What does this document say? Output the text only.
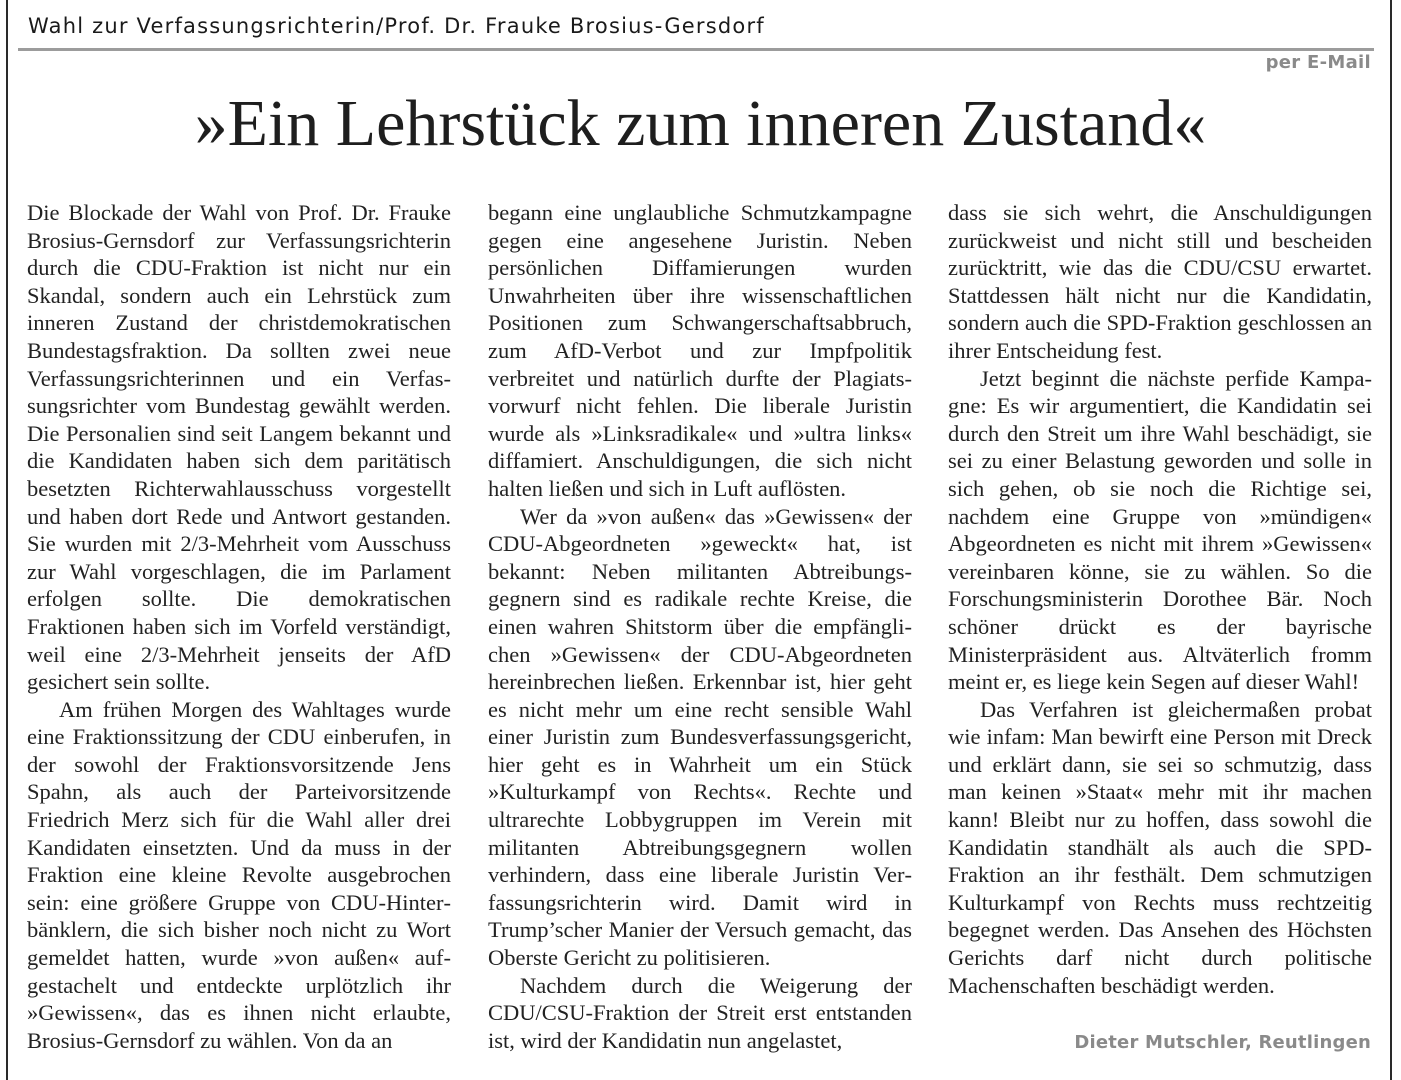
Wahl zur Verfassungsrichterin/Prof. Dr. Frauke Brosius-Gersdorf
per E-Mail
»Ein Lehrstück zum inneren Zustand«

Die Blockade der Wahl von Prof. Dr. Frauke Brosius-Gernsdorf zur Verfassungsrichterin durch die CDU-Fraktion ist nicht nur ein Skandal, sondern auch ein Lehrstück zum inneren Zustand der christdemokratischen Bundestagsfraktion. Da sollten zwei neue Verfassungsrichterinnen und ein Verfassungsrichter vom Bundestag gewählt werden. Die Personalien sind seit Langem bekannt und die Kandidaten haben sich dem paritätisch besetzten Richterwahlausschuss vorgestellt und haben dort Rede und Antwort gestanden. Sie wurden mit 2/3-Mehrheit vom Ausschuss zur Wahl vorgeschlagen, die im Parlament erfolgen sollte. Die demokratischen Fraktionen haben sich im Vorfeld verständigt, weil eine 2/3-Mehrheit jenseits der AfD gesichert sein sollte.

Am frühen Morgen des Wahltages wurde eine Fraktionssitzung der CDU einberufen, in der sowohl der Fraktionsvorsitzende Jens Spahn, als auch der Parteivorsitzende Friedrich Merz sich für die Wahl aller drei Kandidaten einsetzten. Und da muss in der Fraktion eine kleine Revolte ausgebrochen sein: eine größere Gruppe von CDU-Hinterbänklern, die sich bisher noch nicht zu Wort gemeldet hatten, wurde »von außen« aufgestachelt und entdeckte urplötzlich ihr »Gewissen«, das es ihnen nicht erlaubte, Brosius-Gernsdorf zu wählen. Von da an

begann eine unglaubliche Schmutzkampagne gegen eine angesehene Juristin. Neben persönlichen Diffamierungen wurden Unwahrheiten über ihre wissenschaftlichen Positionen zum Schwangerschaftsabbruch, zum AfD-Verbot und zur Impfpolitik verbreitet und natürlich durfte der Plagiatsvorwurf nicht fehlen. Die liberale Juristin wurde als »Linksradikale« und »ultra links« diffamiert. Anschuldigungen, die sich nicht halten ließen und sich in Luft auflösten.

Wer da »von außen« das »Gewissen« der CDU-Abgeordneten »geweckt« hat, ist bekannt: Neben militanten Abtreibungsgegnern sind es radikale rechte Kreise, die einen wahren Shitstorm über die empfänglichen »Gewissen« der CDU-Abgeordneten hereinbrechen ließen. Erkennbar ist, hier geht es nicht mehr um eine recht sensible Wahl einer Juristin zum Bundesverfassungsgericht, hier geht es in Wahrheit um ein Stück »Kulturkampf von Rechts«. Rechte und ultrarechte Lobbygruppen im Verein mit militanten Abtreibungsgegnern wollen verhindern, dass eine liberale Juristin Verfassungsrichterin wird. Damit wird in Trump’scher Manier der Versuch gemacht, das Oberste Gericht zu politisieren.

Nachdem durch die Weigerung der CDU/CSU-Fraktion der Streit erst entstanden ist, wird der Kandidatin nun angelastet,

dass sie sich wehrt, die Anschuldigungen zurückweist und nicht still und bescheiden zurücktritt, wie das die CDU/CSU erwartet. Stattdessen hält nicht nur die Kandidatin, sondern auch die SPD-Fraktion geschlossen an ihrer Entscheidung fest.

Jetzt beginnt die nächste perfide Kampagne: Es wir argumentiert, die Kandidatin sei durch den Streit um ihre Wahl beschädigt, sie sei zu einer Belastung geworden und solle in sich gehen, ob sie noch die Richtige sei, nachdem eine Gruppe von »mündigen« Abgeordneten es nicht mit ihrem »Gewissen« vereinbaren könne, sie zu wählen. So die Forschungsministerin Dorothee Bär. Noch schöner drückt es der bayrische Ministerpräsident aus. Altväterlich fromm meint er, es liege kein Segen auf dieser Wahl!

Das Verfahren ist gleichermaßen probat wie infam: Man bewirft eine Person mit Dreck und erklärt dann, sie sei so schmutzig, dass man keinen »Staat« mehr mit ihr machen kann! Bleibt nur zu hoffen, dass sowohl die Kandidatin standhält als auch die SPD-Fraktion an ihr festhält. Dem schmutzigen Kulturkampf von Rechts muss rechtzeitig begegnet werden. Das Ansehen des Höchsten Gerichts darf nicht durch politische Machenschaften beschädigt werden.

Dieter Mutschler, Reutlingen
